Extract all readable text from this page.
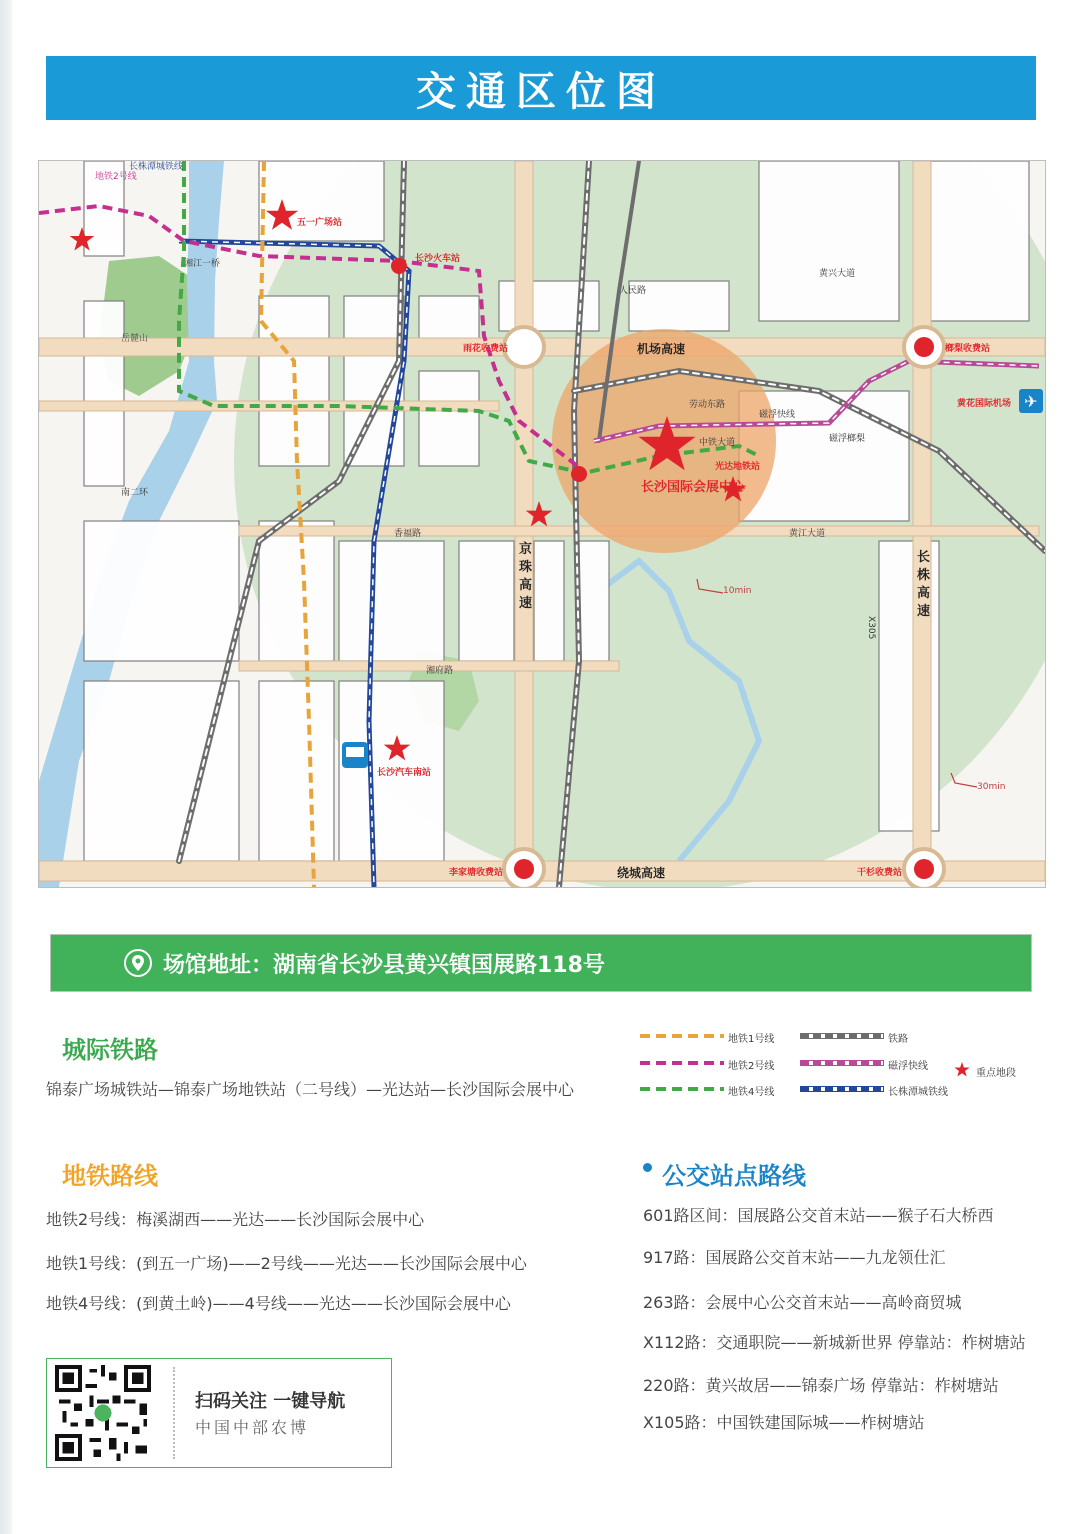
交通区位图
✈
机场高速
绕城高速
京珠高速
长株高速
人民路
劳动东路
黄江大道
香福路
湘府路
南二环
湘江一桥
中铁大道
岳麓山
X305
黄兴大道
地铁2号线
长株潭城铁线
磁浮快线
磁浮榔梨
五一广场站
长沙火车站
雨花收费站	榔梨收费站
黄花国际机场
光达地铁站
李家塘收费站	干杉收费站
长沙汽车南站
长沙国际会展中心
10min
30min
场馆地址：湖南省长沙县黄兴镇国展路118号
城际铁路
锦泰广场城铁站—锦泰广场地铁站（二号线）—光达站—长沙国际会展中心
地铁1号线
地铁2号线
地铁4号线
铁路
磁浮快线
长株潭城铁线
重点地段
地铁路线
地铁2号线：梅溪湖西——光达——长沙国际会展中心
地铁1号线：(到五一广场)——2号线——光达——长沙国际会展中心
地铁4号线：(到黄土岭)——4号线——光达——长沙国际会展中心
公交站点路线
601路区间：国展路公交首末站——猴子石大桥西
917路：国展路公交首末站——九龙领仕汇
263路：会展中心公交首末站——高岭商贸城
X112路：交通职院——新城新世界 停靠站：柞树塘站
220路：黄兴故居——锦泰广场 停靠站：柞树塘站
X105路：中国铁建国际城——柞树塘站
扫码关注 一键导航
中国中部农博
